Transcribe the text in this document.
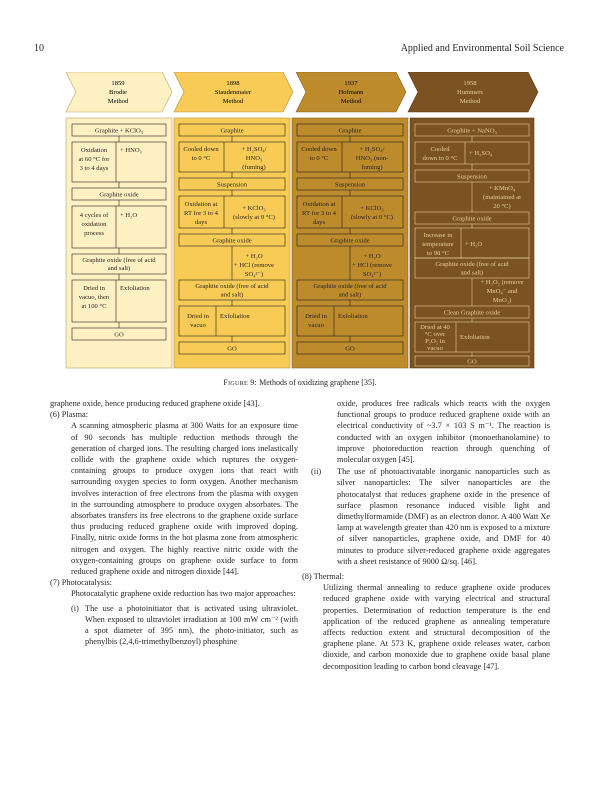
10	Applied and Environmental Soil Science
1859
Brodie
Method
1898
Staudenmaier
Method
1937
Hofmann
Method
1958
Hummers
Method
Graphite + KClO₃
Oxidation
at 60 °C for
3 to 4 days
+ HNO₃
Graphite oxide
4 cycles of
oxidation
process
+ H₂O
Graphite oxide (free of acid
and salt)
Dried in
vacuo, then
at 100 °C
Exfoliation
GO
Graphite
Cooled down
to 0 °C
+ H₂SO₄/
HNO₃
(fuming)
Suspension
Oxidation at
RT for 3 to 4
days
+ KClO₃
(slowly at 0 °C)
Graphite oxide
+ H₂O
+ HCl (remove
SO₄²⁻)
Graphite oxide (free of acid
and salt)
Dried in
vacuo
Exfoliation
GO
Graphite
Cooled down
to 0 °C
+ H₂SO₄/
HNO₃ (non-
fuming)
Suspension
Oxidation at
RT for 3 to 4
days
+ KClO₃
(slowly at 0 °C)
Graphite oxide
+ H₂O
+ HCl (remove
SO₄²⁻)
Graphite oxide (free of acid
and salt)
Dried in
vacuo
Exfoliation
GO
Graphite + NaNO₃
Cooled
down to 0 °C
+ H₂SO₄
Suspension
+ KMnO₄
(maintained at
20 °C)
Graphite oxide
Increase in
temperature
to 98 °C
+ H₂O
Graphite oxide (free of acid
and salt)
+ H₂O₂ (remove
MnO₄⁻ and
MnO₂)
Clean Graphite oxide
Dried at 40
°C over
P₂O₅ in
vacuo
Exfoliation
GO
Figure 9: Methods of oxidizing graphene [35].

graphene oxide, hence producing reduced graphene oxide [43].

(6) Plasma:

A scanning atmospheric plasma at 300 Watts for an exposure time of 90 seconds has multiple reduction methods through the generation of charged ions. The resulting charged ions inelastically collide with the graphene oxide which ruptures the oxygen-containing groups to produce oxygen ions that react with surrounding oxygen species to form oxygen. Another mechanism involves interaction of free electrons from the plasma with oxygen in the surrounding atmosphere to produce oxygen absorbates. The absorbates transfers its free electrons to the graphene oxide surface thus producing reduced graphene oxide with improved doping. Finally, nitric oxide forms in the hot plasma zone from atmospheric nitrogen and oxygen. The highly reactive nitric oxide with the oxygen-containing groups on graphene oxide surface to form reduced graphene oxide and nitrogen dioxide [44].

(7) Photocatalysis:

Photocatalytic graphene oxide reduction has two major approaches:

(i) The use a photoinitiator that is activated using ultraviolet. When exposed to ultraviolet irradiation at 100 mW cm⁻² (with a spot diameter of 395 nm), the photo-initiator, such as phenylbis (2,4,6-trimethylbenzoyl) phosphine

oxide, produces free radicals which reacts with the oxygen functional groups to produce reduced graphene oxide with an electrical conductivity of ~3.7 × 103 S m⁻¹. The reaction is conducted with an oxygen inhibitor (monoethanolamine) to improve photoreduction reaction through quenching of molecular oxygen [45].

(ii) The use of photoactivatable inorganic nanoparticles such as silver nanoparticles: The silver nanoparticles are the photocatalyst that reduces graphene oxide in the presence of surface plasmon resonance induced visible light and dimethylformamide (DMF) as an electron donor. A 400 Watt Xe lamp at wavelength greater than 420 nm is exposed to a mixture of silver nanoparticles, graphene oxide, and DMF for 40 minutes to produce silver-reduced graphene oxide aggregates with a sheet resistance of 9000 Ω/sq. [46].

(8) Thermal:

Utilizing thermal annealing to reduce graphene oxide produces reduced graphene oxide with varying electrical and structural properties. Determination of reduction temperature is the end application of the reduced graphene as annealing temperature affects reduction extent and structural decomposition of the graphene plane. At 573 K, graphene oxide releases water, carbon dioxide, and carbon monoxide due to graphene oxide basal plane decomposition leading to carbon bond cleavage [47].
